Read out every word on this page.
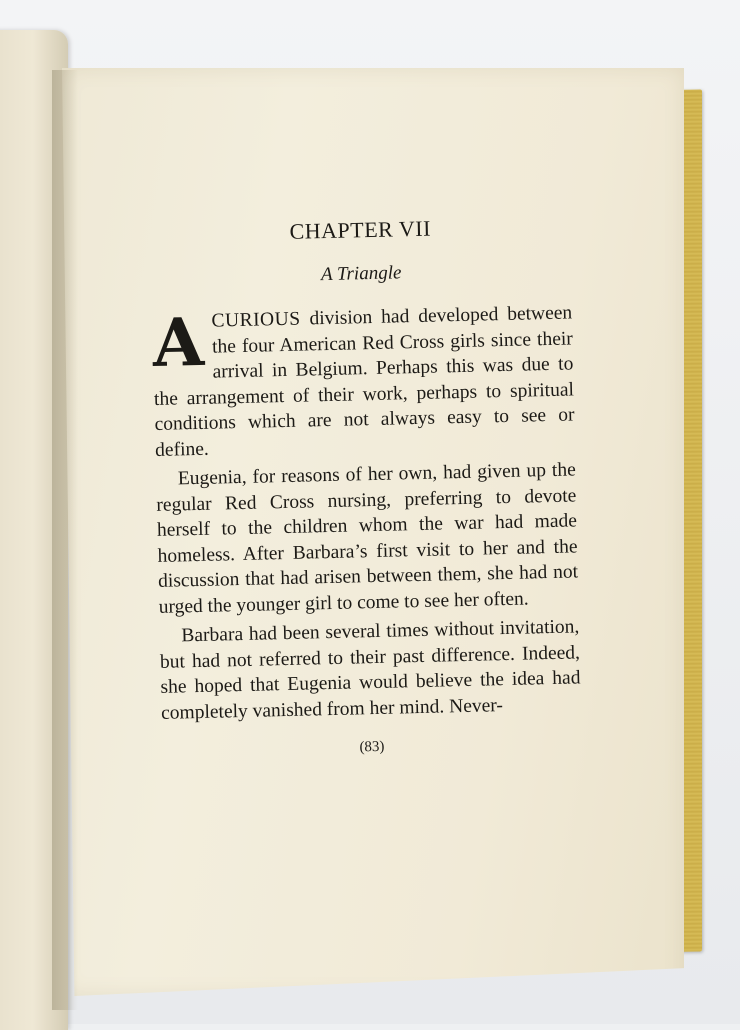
CHAPTER VII
A Triangle

ACURIOUS division had developed between the four American Red Cross girls since their arrival in Belgium. Perhaps this was due to the arrangement of their work, perhaps to spiritual conditions which are not always easy to see or define.

Eugenia, for reasons of her own, had given up the regular Red Cross nursing, preferring to devote herself to the children whom the war had made homeless. After Barbara’s first visit to her and the discussion that had arisen between them, she had not urged the younger girl to come to see her often.

Barbara had been several times without invitation, but had not referred to their past difference. Indeed, she hoped that Eugenia would believe the idea had completely vanished from her mind. Never-

(83)
